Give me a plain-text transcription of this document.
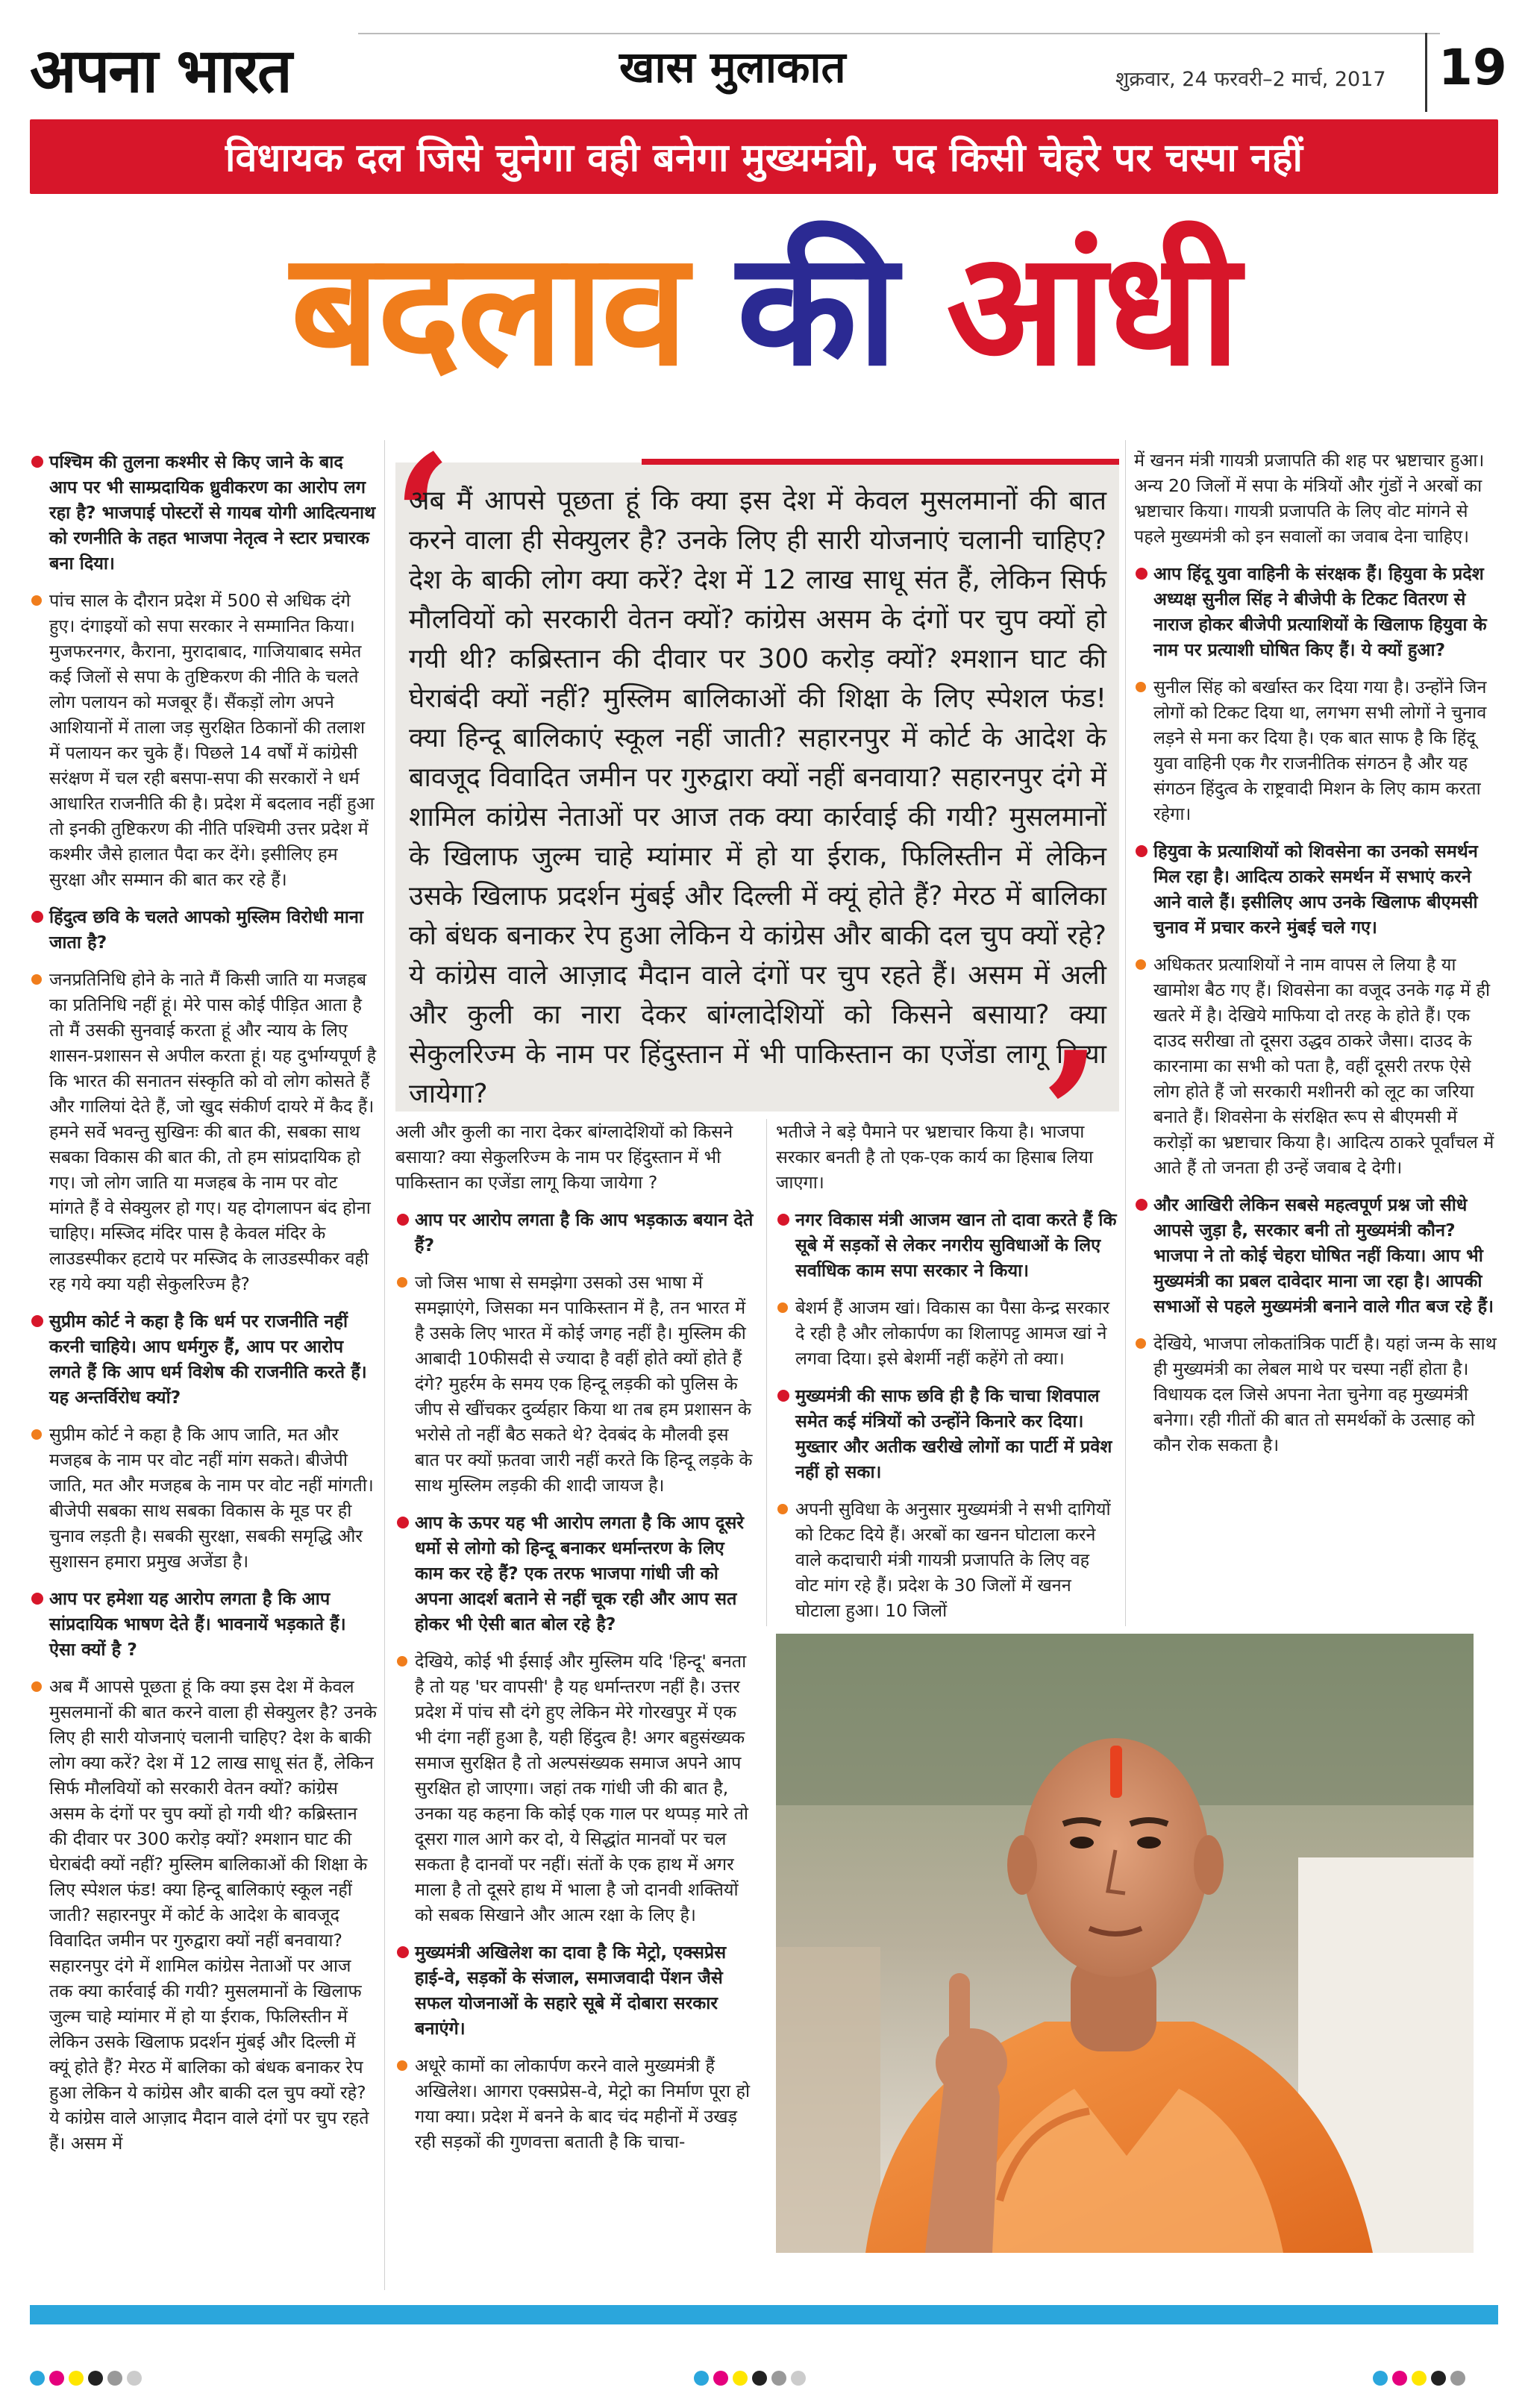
अपना भारत	खास मुलाकात	शुक्रवार, 24 फरवरी–2 मार्च, 2017 19
विधायक दल जिसे चुनेगा वही बनेगा मुख्यमंत्री, पद किसी चेहरे पर चस्पा नहीं
बदलाव की आंधी
‘
अब मैं आपसे पूछता हूं कि क्या इस देश में केवल मुसलमानों की बात करने वाला ही सेक्युलर है? उनके लिए ही सारी योजनाएं चलानी चाहिए? देश के बाकी लोग क्या करें? देश में 12 लाख साधू संत हैं, लेकिन सिर्फ मौलवियों को सरकारी वेतन क्यों? कांग्रेस असम के दंगों पर चुप क्यों हो गयी थी? कब्रिस्तान की दीवार पर 300 करोड़ क्यों? श्मशान घाट की घेराबंदी क्यों नहीं? मुस्लिम बालिकाओं की शिक्षा के लिए स्पेशल फंड! क्या हिन्दू बालिकाएं स्कूल नहीं जाती? सहारनपुर में कोर्ट के आदेश के बावजूद विवादित जमीन पर गुरुद्वारा क्यों नहीं बनवाया? सहारनपुर दंगे में शामिल कांग्रेस नेताओं पर आज तक क्या कार्रवाई की गयी? मुसलमानों के खिलाफ जुल्म चाहे म्यांमार में हो या ईराक, फिलिस्तीन में लेकिन उसके खिलाफ प्रदर्शन मुंबई और दिल्ली में क्यूं होते हैं? मेरठ में बालिका को बंधक बनाकर रेप हुआ लेकिन ये कांग्रेस और बाकी दल चुप क्यों रहे? ये कांग्रेस वाले आज़ाद मैदान वाले दंगों पर चुप रहते हैं। असम में अली और कुली का नारा देकर बांग्लादेशियों को किसने बसाया? क्या सेकुलरिज्म के नाम पर हिंदुस्तान में भी पाकिस्तान का एजेंडा लागू किया जायेगा?	’

पश्चिम की तुलना कश्मीर से किए जाने के बाद आप पर भी साम्प्रदायिक ध्रुवीकरण का आरोप लग रहा है? भाजपाई पोस्टरों से गायब योगी आदित्यनाथ को रणनीति के तहत भाजपा नेतृत्व ने स्टार प्रचारक बना दिया।

पांच साल के दौरान प्रदेश में 500 से अधिक दंगे हुए। दंगाइयों को सपा सरकार ने सम्मानित किया। मुजफरनगर, कैराना, मुरादाबाद, गाजियाबाद समेत कई जिलों से सपा के तुष्टिकरण की नीति के चलते लोग पलायन को मजबूर हैं। सैंकड़ों लोग अपने आशियानों में ताला जड़ सुरक्षित ठिकानों की तलाश में पलायन कर चुके हैं। पिछले 14 वर्षों में कांग्रेसी सरंक्षण में चल रही बसपा-सपा की सरकारों ने धर्म आधारित राजनीति की है। प्रदेश में बदलाव नहीं हुआ तो इनकी तुष्टिकरण की नीति पश्चिमी उत्तर प्रदेश में कश्मीर जैसे हालात पैदा कर देंगे। इसीलिए हम सुरक्षा और सम्मान की बात कर रहे हैं।

हिंदुत्व छवि के चलते आपको मुस्लिम विरोधी माना जाता है?

जनप्रतिनिधि होने के नाते मैं किसी जाति या मजहब का प्रतिनिधि नहीं हूं। मेरे पास कोई पीड़ित आता है तो मैं उसकी सुनवाई करता हूं और न्याय के लिए शासन-प्रशासन से अपील करता हूं। यह दुर्भाग्यपूर्ण है कि भारत की सनातन संस्कृति को वो लोग कोसते हैं और गालियां देते हैं, जो खुद संकीर्ण दायरे में कैद हैं। हमने सर्वे भवन्तु सुखिनः की बात की, सबका साथ सबका विकास की बात की, तो हम सांप्रदायिक हो गए। जो लोग जाति या मजहब के नाम पर वोट मांगते हैं वे सेक्युलर हो गए। यह दोगलापन बंद होना चाहिए। मस्जिद मंदिर पास है केवल मंदिर के लाउडस्पीकर हटाये पर मस्जिद के लाउडस्पीकर वही रह गये क्या यही सेकुलरिज्म है?

सुप्रीम कोर्ट ने कहा है कि धर्म पर राजनीति नहीं करनी चाहिये। आप धर्मगुरु हैं, आप पर आरोप लगते हैं कि आप धर्म विशेष की राजनीति करते हैं। यह अन्तर्विरोध क्यों?

सुप्रीम कोर्ट ने कहा है कि आप जाति, मत और मजहब के नाम पर वोट नहीं मांग सकते। बीजेपी जाति, मत और मजहब के नाम पर वोट नहीं मांगती। बीजेपी सबका साथ सबका विकास के मूड पर ही चुनाव लड़ती है। सबकी सुरक्षा, सबकी समृद्धि और सुशासन हमारा प्रमुख अजेंडा है।

आप पर हमेशा यह आरोप लगता है कि आप सांप्रदायिक भाषण देते हैं। भावनायें भड़काते हैं। ऐसा क्यों है ?

अब मैं आपसे पूछता हूं कि क्या इस देश में केवल मुसलमानों की बात करने वाला ही सेक्युलर है? उनके लिए ही सारी योजनाएं चलानी चाहिए? देश के बाकी लोग क्या करें? देश में 12 लाख साधू संत हैं, लेकिन सिर्फ मौलवियों को सरकारी वेतन क्यों? कांग्रेस असम के दंगों पर चुप क्यों हो गयी थी? कब्रिस्तान की दीवार पर 300 करोड़ क्यों? श्मशान घाट की घेराबंदी क्यों नहीं? मुस्लिम बालिकाओं की शिक्षा के लिए स्पेशल फंड! क्या हिन्दू बालिकाएं स्कूल नहीं जाती? सहारनपुर में कोर्ट के आदेश के बावजूद विवादित जमीन पर गुरुद्वारा क्यों नहीं बनवाया? सहारनपुर दंगे में शामिल कांग्रेस नेताओं पर आज तक क्या कार्रवाई की गयी? मुसलमानों के खिलाफ जुल्म चाहे म्यांमार में हो या ईराक, फिलिस्तीन में लेकिन उसके खिलाफ प्रदर्शन मुंबई और दिल्ली में क्यूं होते हैं? मेरठ में बालिका को बंधक बनाकर रेप हुआ लेकिन ये कांग्रेस और बाकी दल चुप क्यों रहे? ये कांग्रेस वाले आज़ाद मैदान वाले दंगों पर चुप रहते हैं। असम में

अली और कुली का नारा देकर बांग्लादेशियों को किसने बसाया? क्या सेकुलरिज्म के नाम पर हिंदुस्तान में भी पाकिस्तान का एजेंडा लागू किया जायेगा ?

आप पर आरोप लगता है कि आप भड़काऊ बयान देते हैं?

जो जिस भाषा से समझेगा उसको उस भाषा में समझाएंगे, जिसका मन पाकिस्तान में है, तन भारत में है उसके लिए भारत में कोई जगह नहीं है। मुस्लिम की आबादी 10फीसदी से ज्यादा है वहीं होते क्यों होते हैं दंगे? मुहर्रम के समय एक हिन्दू लड़की को पुलिस के जीप से खींचकर दुर्व्यहार किया था तब हम प्रशासन के भरोसे तो नहीं बैठ सकते थे? देवबंद के मौलवी इस बात पर क्यों फ़तवा जारी नहीं करते कि हिन्दू लड़के के साथ मुस्लिम लड़की की शादी जायज है।

आप के ऊपर यह भी आरोप लगता है कि आप दूसरे धर्मो से लोगो को हिन्दू बनाकर धर्मान्तरण के लिए काम कर रहे हैं? एक तरफ भाजपा गांधी जी को अपना आदर्श बताने से नहीं चूक रही और आप सत होकर भी ऐसी बात बोल रहे है?

देखिये, कोई भी ईसाई और मुस्लिम यदि 'हिन्दू' बनता है तो यह 'घर वापसी' है यह धर्मान्तरण नहीं है। उत्तर प्रदेश में पांच सौ दंगे हुए लेकिन मेरे गोरखपुर में एक भी दंगा नहीं हुआ है, यही हिंदुत्व है! अगर बहुसंख्यक समाज सुरक्षित है तो अल्पसंख्यक समाज अपने आप सुरक्षित हो जाएगा। जहां तक गांधी जी की बात है, उनका यह कहना कि कोई एक गाल पर थप्पड़ मारे तो दूसरा गाल आगे कर दो, ये सिद्धांत मानवों पर चल सकता है दानवों पर नहीं। संतों के एक हाथ में अगर माला है तो दूसरे हाथ में भाला है जो दानवी शक्तियों को सबक सिखाने और आत्म रक्षा के लिए है।

मुख्यमंत्री अखिलेश का दावा है कि मेट्रो, एक्सप्रेस हाई-वे, सड़कों के संजाल, समाजवादी पेंशन जैसे सफल योजनाओं के सहारे सूबे में दोबारा सरकार बनाएंगे।

अधूरे कामों का लोकार्पण करने वाले मुख्यमंत्री हैं अखिलेश। आगरा एक्सप्रेस-वे, मेट्रो का निर्माण पूरा हो गया क्या। प्रदेश में बनने के बाद चंद महीनों में उखड़ रही सड़कों की गुणवत्ता बताती है कि चाचा-

भतीजे ने बड़े पैमाने पर भ्रष्टाचार किया है। भाजपा सरकार बनती है तो एक-एक कार्य का हिसाब लिया जाएगा।

नगर विकास मंत्री आजम खान तो दावा करते हैं कि सूबे में सड़कों से लेकर नगरीय सुविधाओं के लिए सर्वाधिक काम सपा सरकार ने किया।

बेशर्म हैं आजम खां। विकास का पैसा केन्द्र सरकार दे रही है और लोकार्पण का शिलापट्ट आमज खां ने लगवा दिया। इसे बेशर्मी नहीं कहेंगे तो क्या।

मुख्यमंत्री की साफ छवि ही है कि चाचा शिवपाल समेत कई मंत्रियों को उन्होंने किनारे कर दिया। मुख्तार और अतीक खरीखे लोगों का पार्टी में प्रवेश नहीं हो सका।

अपनी सुविधा के अनुसार मुख्यमंत्री ने सभी दागियों को टिकट दिये हैं। अरबों का खनन घोटाला करने वाले कदाचारी मंत्री गायत्री प्रजापति के लिए वह वोट मांग रहे हैं। प्रदेश के 30 जिलों में खनन घोटाला हुआ। 10 जिलों

में खनन मंत्री गायत्री प्रजापति की शह पर भ्रष्टाचार हुआ। अन्य 20 जिलों में सपा के मंत्रियों और गुंडों ने अरबों का भ्रष्टाचार किया। गायत्री प्रजापति के लिए वोट मांगने से पहले मुख्यमंत्री को इन सवालों का जवाब देना चाहिए।

आप हिंदू युवा वाहिनी के संरक्षक हैं। हियुवा के प्रदेश अध्यक्ष सुनील सिंह ने बीजेपी के टिकट वितरण से नाराज होकर बीजेपी प्रत्याशियों के खिलाफ हियुवा के नाम पर प्रत्याशी घोषित किए हैं। ये क्यों हुआ?

सुनील सिंह को बर्खास्त कर दिया गया है। उन्होंने जिन लोगों को टिकट दिया था, लगभग सभी लोगों ने चुनाव लड़ने से मना कर दिया है। एक बात साफ है कि हिंदू युवा वाहिनी एक गैर राजनीतिक संगठन है और यह संगठन हिंदुत्व के राष्ट्रवादी मिशन के लिए काम करता रहेगा।

हियुवा के प्रत्याशियों को शिवसेना का उनको समर्थन मिल रहा है। आदित्य ठाकरे समर्थन में सभाएं करने आने वाले हैं। इसीलिए आप उनके खिलाफ बीएमसी चुनाव में प्रचार करने मुंबई चले गए।

अधिकतर प्रत्याशियों ने नाम वापस ले लिया है या खामोश बैठ गए हैं। शिवसेना का वजूद उनके गढ़ में ही खतरे में है। देखिये माफिया दो तरह के होते हैं। एक दाउद सरीखा तो दूसरा उद्धव ठाकरे जैसा। दाउद के कारनामा का सभी को पता है, वहीं दूसरी तरफ ऐसे लोग होते हैं जो सरकारी मशीनरी को लूट का जरिया बनाते हैं। शिवसेना के संरक्षित रूप से बीएमसी में करोड़ों का भ्रष्टाचार किया है। आदित्य ठाकरे पूर्वांचल में आते हैं तो जनता ही उन्हें जवाब दे देगी।

और आखिरी लेकिन सबसे महत्वपूर्ण प्रश्न जो सीधे आपसे जुड़ा है, सरकार बनी तो मुख्यमंत्री कौन? भाजपा ने तो कोई चेहरा घोषित नहीं किया। आप भी मुख्यमंत्री का प्रबल दावेदार माना जा रहा है। आपकी सभाओं से पहले मुख्यमंत्री बनाने वाले गीत बज रहे हैं।

देखिये, भाजपा लोकतांत्रिक पार्टी है। यहां जन्म के साथ ही मुख्यमंत्री का लेबल माथे पर चस्पा नहीं होता है। विधायक दल जिसे अपना नेता चुनेगा वह मुख्यमंत्री बनेगा। रही गीतों की बात तो समर्थकों के उत्साह को कौन रोक सकता है।
